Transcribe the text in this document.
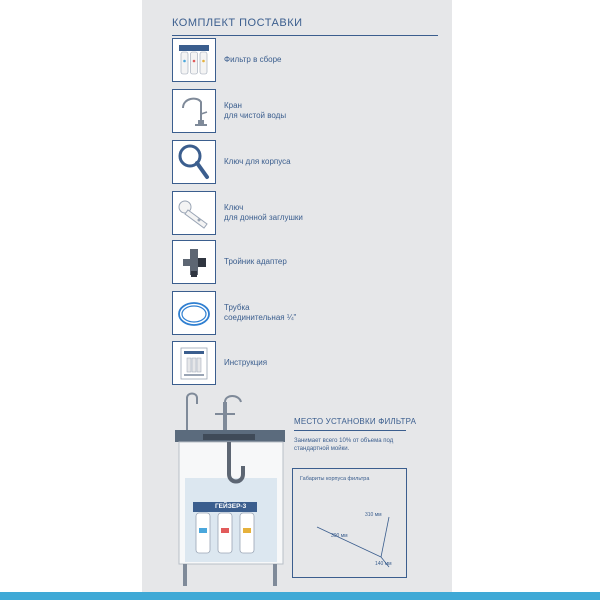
КОМПЛЕКТ ПОСТАВКИ
Фильтр в сборе
Кран
для чистой воды
Ключ для корпуса
Ключ
для донной заглушки
Тройник адаптер
Трубка
соединительная ¼"
Инструкция
ГЕЙЗЕР-3
МЕСТО УСТАНОВКИ ФИЛЬТРА
Занимает всего 10% от объема под стандартной мойки.
Габариты корпуса фильтра
310 мм
390 мм
140 мм
